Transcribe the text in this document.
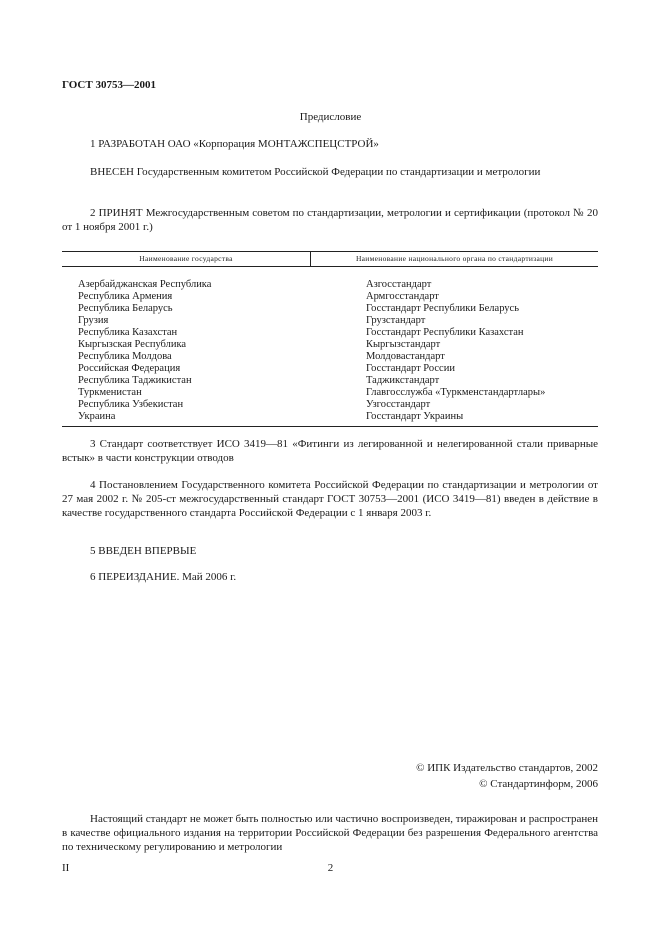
ГОСТ 30753—2001
Предисловие
1 РАЗРАБОТАН ОАО «Корпорация МОНТАЖСПЕЦСТРОЙ»
ВНЕСЕН Государственным комитетом Российской Федерации по стандартизации и метрологии
2 ПРИНЯТ Межгосударственным советом по стандартизации, метрологии и сертификации (протокол № 20 от 1 ноября 2001 г.)
Наименование государства	Наименование национального органа по стандартизации
Азербайджанская Республика
Республика Армения
Республика Беларусь
Грузия
Республика Казахстан
Кыргызская Республика
Республика Молдова
Российская Федерация
Республика Таджикистан
Туркменистан
Республика Узбекистан
Украина
Азгосстандарт
Армгосстандарт
Госстандарт Республики Беларусь
Грузстандарт
Госстандарт Республики Казахстан
Кыргызстандарт
Молдовастандарт
Госстандарт России
Таджикстандарт
Главгосслужба «Туркменстандартлары»
Узгосстандарт
Госстандарт Украины
3 Стандарт соответствует ИСО 3419—81 «Фитинги из легированной и нелегированной стали приварные встык» в части конструкции отводов
4 Постановлением Государственного комитета Российской Федерации по стандартизации и метрологии от 27 мая 2002 г. № 205-ст межгосударственный стандарт ГОСТ 30753—2001 (ИСО 3419—81) введен в действие в качестве государственного стандарта Российской Федерации с 1 января 2003 г.
5 ВВЕДЕН ВПЕРВЫЕ
6 ПЕРЕИЗДАНИЕ. Май 2006 г.
© ИПК Издательство стандартов, 2002
© Стандартинформ, 2006
Настоящий стандарт не может быть полностью или частично воспроизведен, тиражирован и распространен в качестве официального издания на территории Российской Федерации без разрешения Федерального агентства по техническому регулированию и метрологии
II	2
